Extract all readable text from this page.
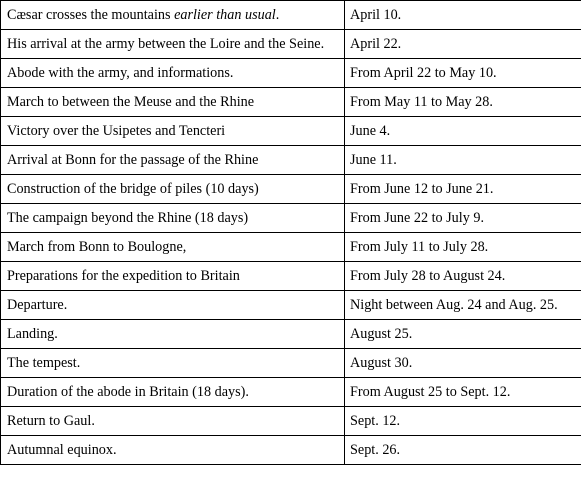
Cæsar crosses the mountains earlier than usual.	April 10.
His arrival at the army between the Loire and the Seine.	April 22.
Abode with the army, and informations.	From April 22 to May 10.
March to between the Meuse and the Rhine	From May 11 to May 28.
Victory over the Usipetes and Tencteri	June 4.
Arrival at Bonn for the passage of the Rhine	June 11.
Construction of the bridge of piles (10 days)	From June 12 to June 21.
The campaign beyond the Rhine (18 days)	From June 22 to July 9.
March from Bonn to Boulogne,	From July 11 to July 28.
Preparations for the expedition to Britain	From July 28 to August 24.
Departure.	Night between Aug. 24 and Aug. 25.
Landing.	August 25.
The tempest.	August 30.
Duration of the abode in Britain (18 days).	From August 25 to Sept. 12.
Return to Gaul.	Sept. 12.
Autumnal equinox.	Sept. 26.
